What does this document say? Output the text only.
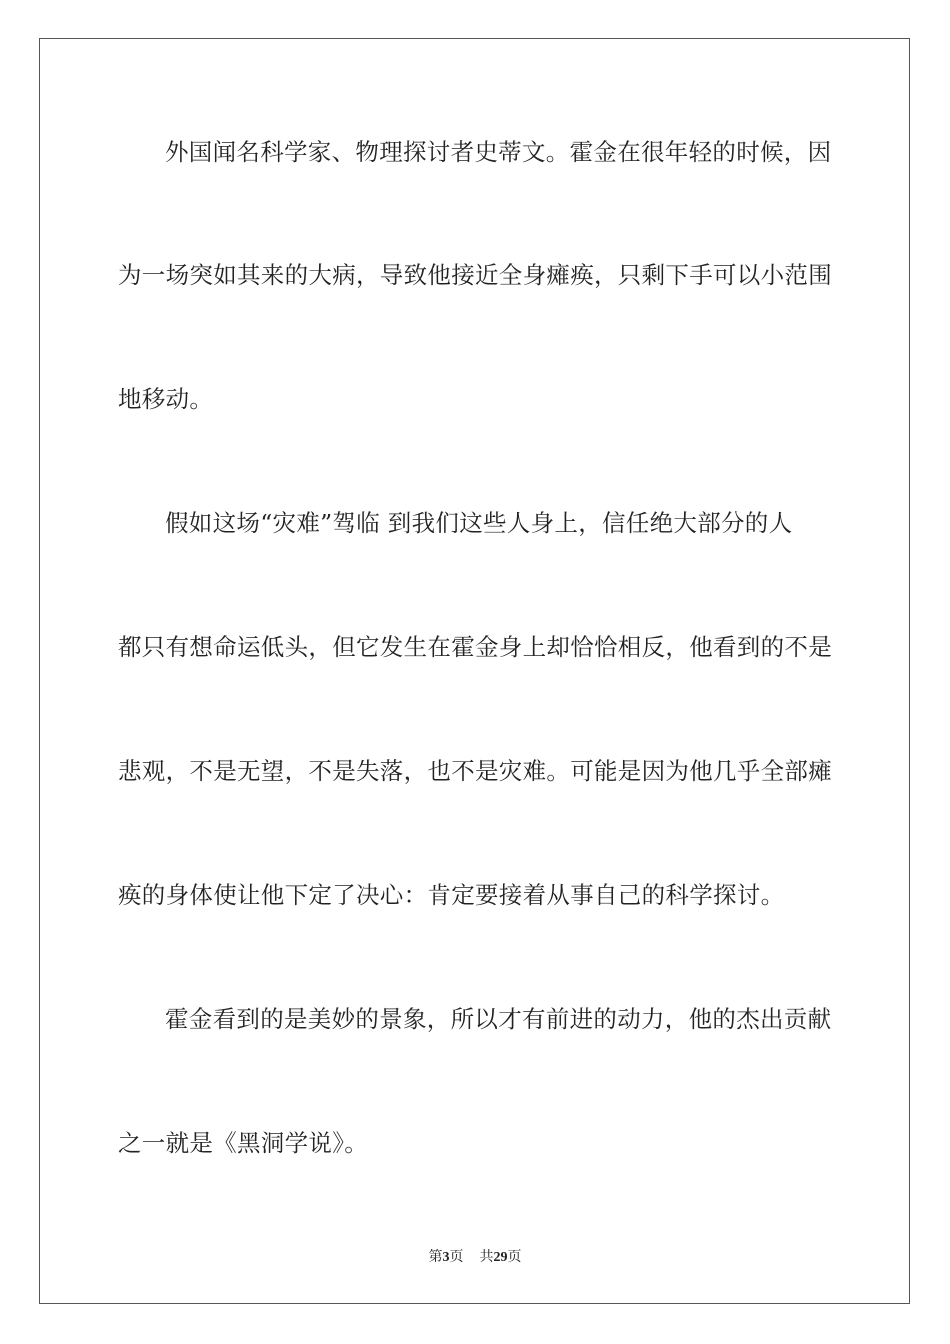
外国闻名科学家、物理探讨者史蒂文。霍金在很年轻的时候，因
为一场突如其来的大病，导致他接近全身瘫痪，只剩下手可以小范围
地移动。
假如这场“灾难”驾临 到我们这些人身上，信任绝大部分的人
都只有想命运低头，但它发生在霍金身上却恰恰相反，他看到的不是
悲观，不是无望，不是失落，也不是灾难。可能是因为他几乎全部瘫
痪的身体使让他下定了决心：肯定要接着从事自己的科学探讨。
霍金看到的是美妙的景象，所以才有前进的动力，他的杰出贡献
之一就是《黑洞学说》。
第3页 共29页
